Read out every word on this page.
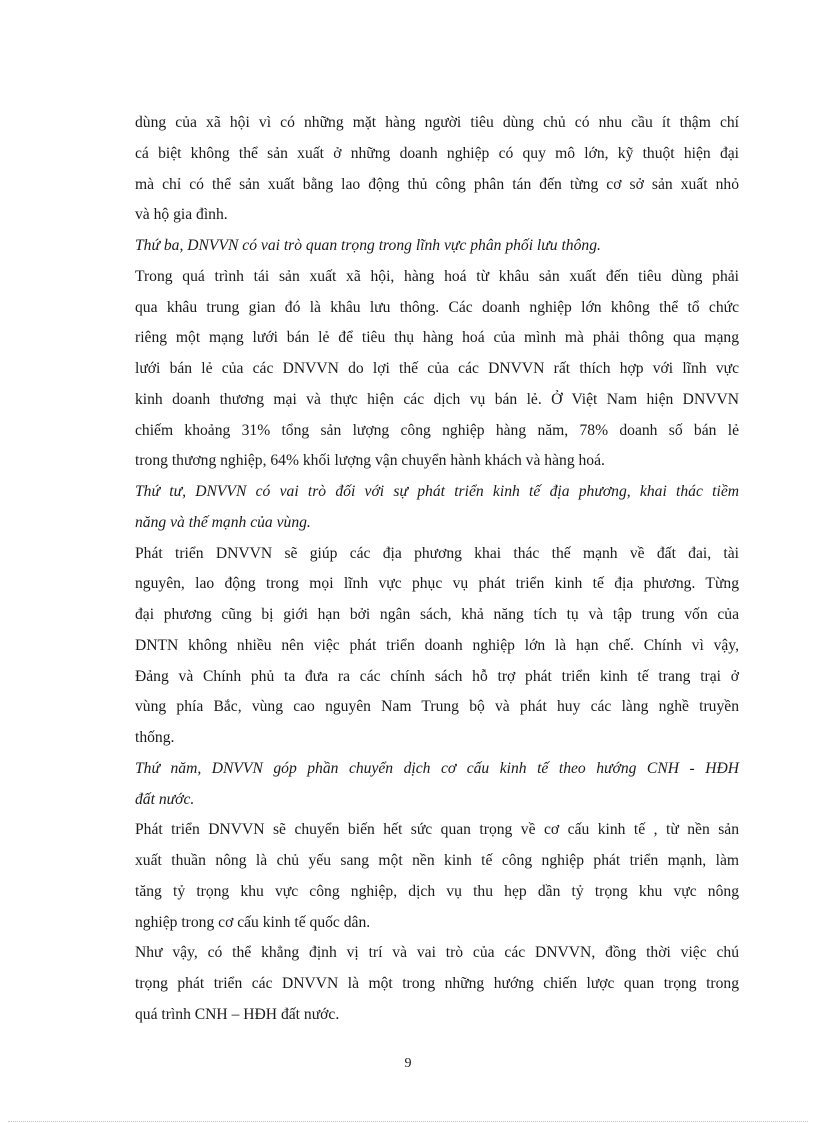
dùng của xã hội vì có những mặt hàng người tiêu dùng chủ có nhu cầu ít thậm chí
cá biệt không thể sản xuất ở những doanh nghiệp có quy mô lớn, kỹ thuột hiện đại
mà chỉ có thể sản xuất bằng lao động thủ công phân tán đến từng cơ sở sản xuất nhỏ
và hộ gia đình.
Thứ ba, DNVVN có vai trò quan trọng trong lĩnh vực phân phối lưu thông.
Trong quá trình tái sản xuất xã hội, hàng hoá từ khâu sản xuất đến tiêu dùng phải
qua khâu trung gian đó là khâu lưu thông. Các doanh nghiệp lớn không thể tổ chức
riêng một mạng lưới bán lẻ để tiêu thụ hàng hoá của mình mà phải thông qua mạng
lưới bán lẻ của các DNVVN do lợi thế của các DNVVN rất thích hợp với lĩnh vực
kinh doanh thương mại và thực hiện các dịch vụ bán lẻ. Ở Việt Nam hiện DNVVN
chiếm khoảng 31% tổng sản lượng công nghiệp hàng năm, 78% doanh số bán lẻ
trong thương nghiệp, 64% khối lượng vận chuyển hành khách và hàng hoá.
Thứ tư, DNVVN có vai trò đối với sự phát triển kinh tế địa phương, khai thác tiềm
năng và thế mạnh của vùng.
Phát triển DNVVN sẽ giúp các địa phương khai thác thế mạnh về đất đai, tài
nguyên, lao động trong mọi lĩnh vực phục vụ phát triển kinh tế địa phương. Từng
đại phương cũng bị giới hạn bởi ngân sách, khả năng tích tụ và tập trung vốn của
DNTN không nhiều nên việc phát triển doanh nghiệp lớn là hạn chế. Chính vì vậy,
Đảng và Chính phủ ta đưa ra các chính sách hỗ trợ phát triển kinh tế trang trại ở
vùng phía Bắc, vùng cao nguyên Nam Trung bộ và phát huy các làng nghề truyền
thống.
Thứ năm, DNVVN góp phần chuyển dịch cơ cấu kinh tế theo hướng CNH - HĐH
đất nước.
Phát triển DNVVN sẽ chuyển biến hết sức quan trọng về cơ cấu kinh tế , từ nền sản
xuất thuần nông là chủ yếu sang một nền kinh tế công nghiệp phát triển mạnh, làm
tăng tỷ trọng khu vực công nghiệp, dịch vụ thu hẹp dần tỷ trọng khu vực nông
nghiệp trong cơ cấu kinh tế quốc dân.
Như vậy, có thể khẳng định vị trí và vai trò của các DNVVN, đồng thời việc chú
trọng phát triển các DNVVN là một trong những hướng chiến lược quan trọng trong
quá trình CNH – HĐH đất nước.
9
